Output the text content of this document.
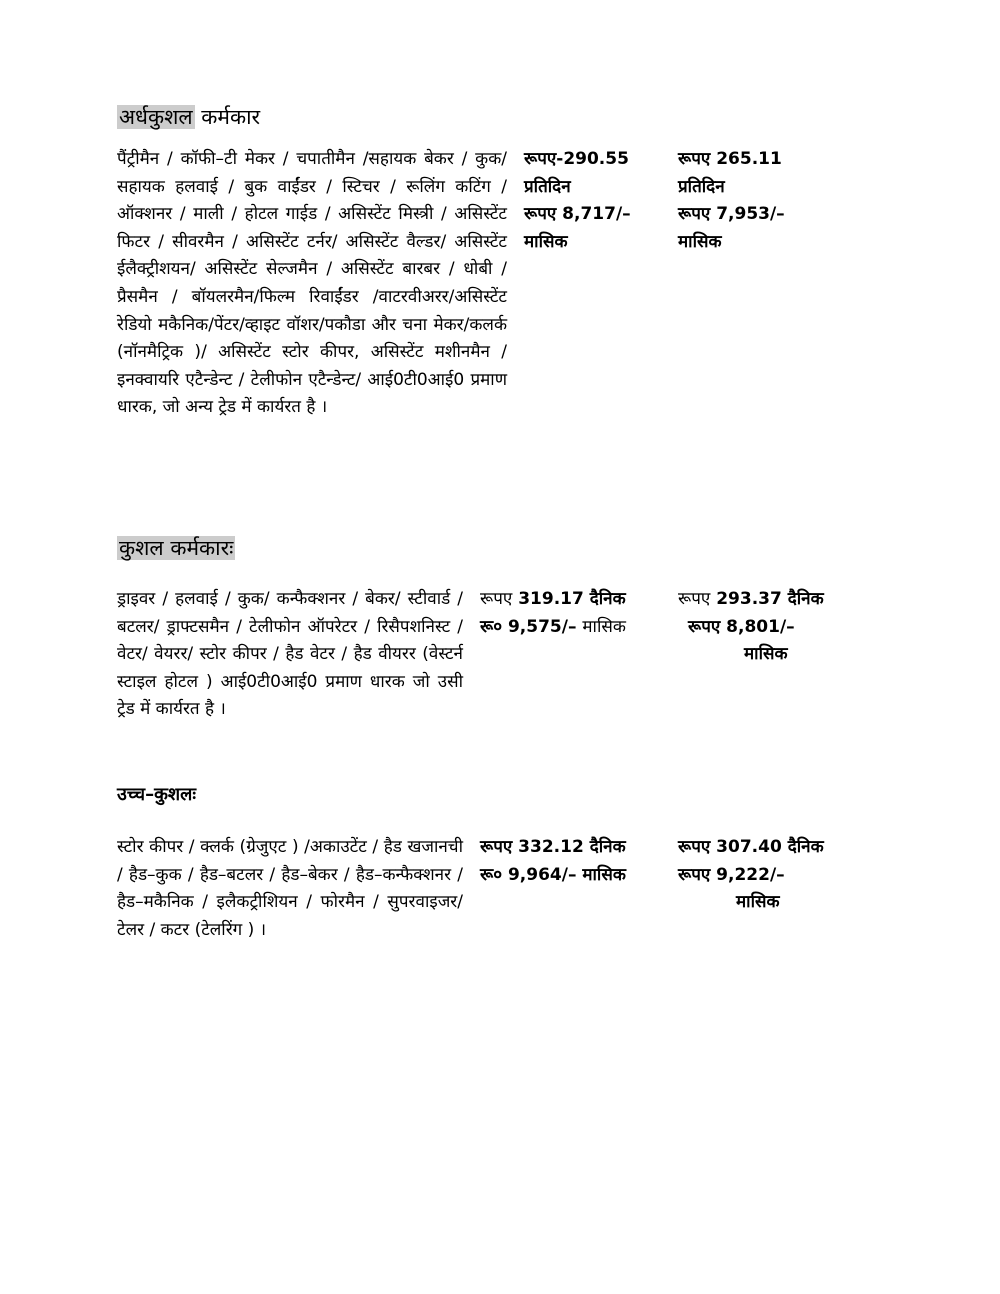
अर्धकुशल कर्मकार
पैंट्रीमैन / कॉफी–टी मेकर / चपातीमैन /सहायक बेकर / कुक/ सहायक हलवाई / बुक वाईंडर / स्टिचर / रूलिंग कटिंग / ऑक्शनर / माली / होटल गाईड / असिस्टेंट मिस्त्री / असिस्टेंट फिटर / सीवरमैन / असिस्टेंट टर्नर/ असिस्टेंट वैल्डर/ असिस्टेंट ईलैक्ट्रीशयन/ असिस्टेंट सेल्जमैन / असिस्टेंट बारबर / धोबी / प्रैसमैन / बॉयलरमैन/फिल्म रिवाईंडर /वाटरवीअरर/असिस्टेंट रेडियो मकैनिक/पेंटर/व्हाइट वॉशर/पकौडा और चना मेकर/कलर्क (नॉनमैट्रिक )/ असिस्टेंट स्टोर कीपर, असिस्टेंट मशीनमैन / इनक्वायरि एटैन्डेन्ट / टेलीफोन एटैन्डेन्ट/ आई0टी0आई0 प्रमाण धारक, जो अन्य ट्रेड में कार्यरत है ।
रूपए-290.55
प्रतिदिन
रूपए 8,717/–
मासिक
रूपए 265.11
प्रतिदिन
रूपए 7,953/–
मासिक
कुशल कर्मकारः
ड्राइवर / हलवाई / कुक/ कन्फैक्शनर / बेकर/ स्टीवार्ड / बटलर/ ड्राफ्टसमैन / टेलीफोन ऑपरेटर / रिसैपशनिस्ट / वेटर/ वेयरर/ स्टोर कीपर / हैड वेटर / हैड वीयरर (वेस्टर्न स्टाइल होटल ) आई0टी0आई0 प्रमाण धारक जो उसी ट्रेड में कार्यरत है ।
रूपए 319.17 दैनिक
रू० 9,575/– मासिक
रूपए 293.37 दैनिक
रूपए 8,801/–
मासिक
उच्च–कुशलः
स्टोर कीपर / क्लर्क (ग्रेजुएट ) /अकाउटेंट / हैड खजानची / हैड–कुक / हैड–बटलर / हैड–बेकर / हैड–कन्फैक्शनर /हैड–मकैनिक / इलैकट्रीशियन / फोरमैन / सुपरवाइजर/ टेलर / कटर (टेलरिंग ) ।
रूपए 332.12 दैनिक
रू० 9,964/– मासिक
रूपए 307.40 दैनिक
रूपए 9,222/–
मासिक
